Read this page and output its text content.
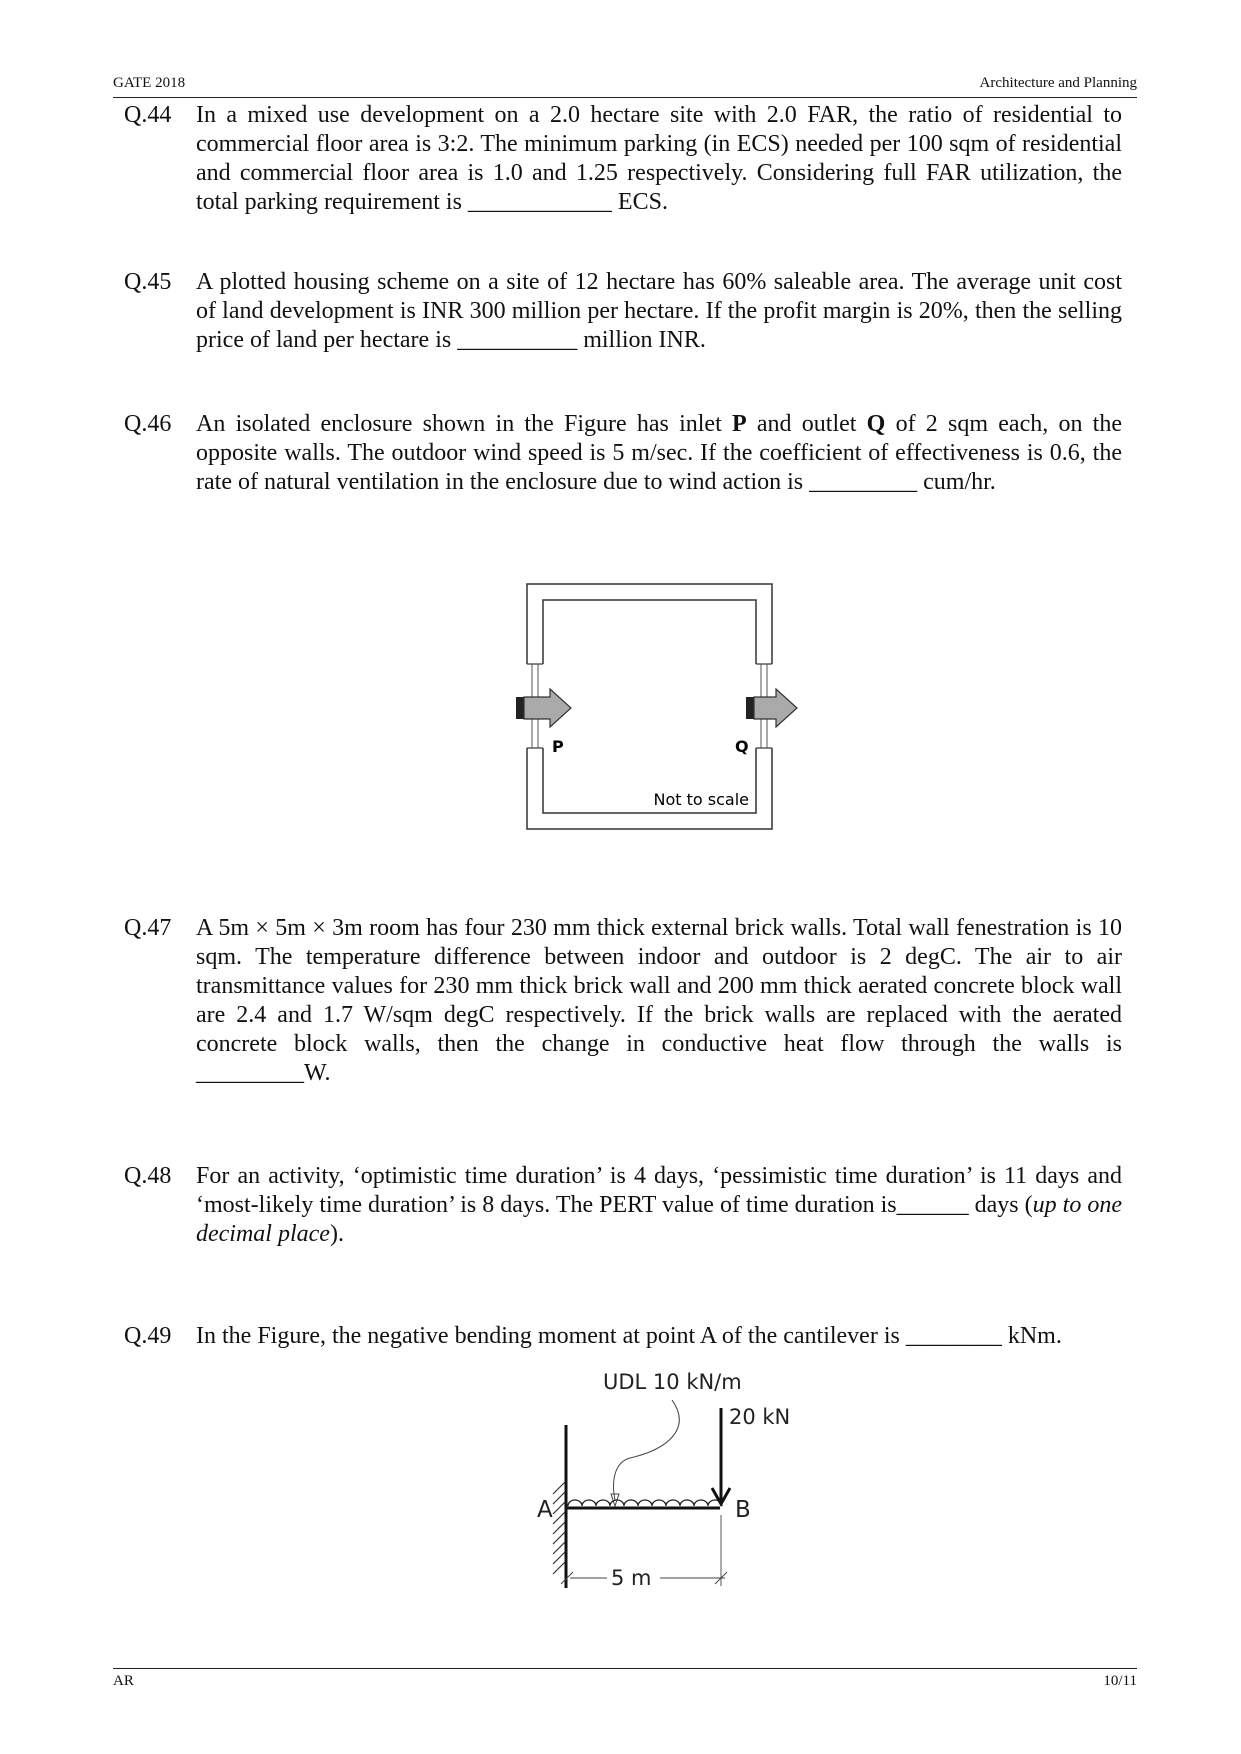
GATE 2018	Architecture and Planning
Q.44 In a mixed use development on a 2.0 hectare site with 2.0 FAR, the ratio of residential to commercial floor area is 3:2. The minimum parking (in ECS) needed per 100 sqm of residential and commercial floor area is 1.0 and 1.25 respectively. Considering full FAR utilization, the total parking requirement is ____________ ECS.
Q.45 A plotted housing scheme on a site of 12 hectare has 60% saleable area. The average unit cost of land development is INR 300 million per hectare. If the profit margin is 20%, then the selling price of land per hectare is __________ million INR.
Q.46 An isolated enclosure shown in the Figure has inlet P and outlet Q of 2 sqm each, on the opposite walls. The outdoor wind speed is 5 m/sec. If the coefficient of effectiveness is 0.6, the rate of natural ventilation in the enclosure due to wind action is _________ cum/hr.
P	Q
Not to scale
Q.47 A 5m × 5m × 3m room has four 230 mm thick external brick walls. Total wall fenestration is 10 sqm. The temperature difference between indoor and outdoor is 2 degC. The air to air transmittance values for 230 mm thick brick wall and 200 mm thick aerated concrete block wall are 2.4 and 1.7 W/sqm degC respectively. If the brick walls are replaced with the aerated concrete block walls, then the change in conductive heat flow through the walls is _________W.
Q.48 For an activity, ‘optimistic time duration’ is 4 days, ‘pessimistic time duration’ is 11 days and ‘most-likely time duration’ is 8 days. The PERT value of time duration is______ days (up to one decimal place).
Q.49 In the Figure, the negative bending moment at point A of the cantilever is ________ kNm.
UDL 10 kN/m
20 kN
A	B
5 m
AR	10/11
